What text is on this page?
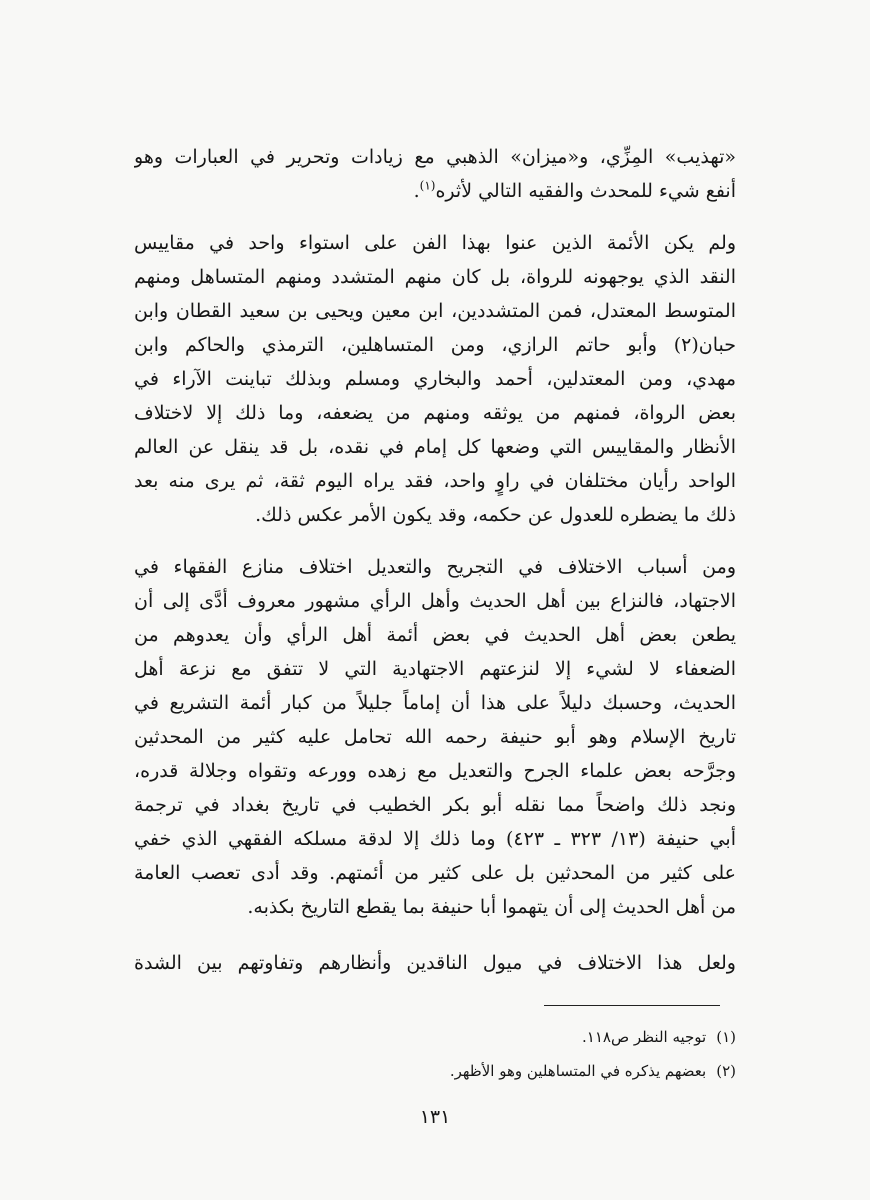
«تهذيب» المِزِّي، و«ميزان» الذهبي مع زيادات وتحرير في العبارات وهو
أنفع شيء للمحدث والفقيه التالي لأثره$^{(١)}$.
ولم يكن الأئمة الذين عنوا بهذا الفن على استواء واحد في مقاييس
النقد الذي يوجهونه للرواة، بل كان منهم المتشدد ومنهم المتساهل ومنهم
المتوسط المعتدل، فمن المتشددين، ابن معين ويحيى بن سعيد القطان وابن
حبان(٢) وأبو حاتم الرازي، ومن المتساهلين، الترمذي والحاكم وابن
مهدي، ومن المعتدلين، أحمد والبخاري ومسلم وبذلك تباينت الآراء في
بعض الرواة، فمنهم من يوثقه ومنهم من يضعفه، وما ذلك إلا لاختلاف
الأنظار والمقاييس التي وضعها كل إمام في نقده، بل قد ينقل عن العالم
الواحد رأيان مختلفان في راوٍ واحد، فقد يراه اليوم ثقة، ثم يرى منه بعد
ذلك ما يضطره للعدول عن حكمه، وقد يكون الأمر عكس ذلك.
ومن أسباب الاختلاف في التجريح والتعديل اختلاف منازع الفقهاء في
الاجتهاد، فالنزاع بين أهل الحديث وأهل الرأي مشهور معروف أدَّى إلى أن
يطعن بعض أهل الحديث في بعض أئمة أهل الرأي وأن يعدوهم من
الضعفاء لا لشيء إلا لنزعتهم الاجتهادية التي لا تتفق مع نزعة أهل
الحديث، وحسبك دليلاً على هذا أن إماماً جليلاً من كبار أئمة التشريع في
تاريخ الإسلام وهو أبو حنيفة رحمه الله تحامل عليه كثير من المحدثين
وجرَّحه بعض علماء الجرح والتعديل مع زهده وورعه وتقواه وجلالة قدره،
ونجد ذلك واضحاً مما نقله أبو بكر الخطيب في تاريخ بغداد في ترجمة
أبي حنيفة (١٣/ ٣٢٣ ـ ٤٢٣) وما ذلك إلا لدقة مسلكه الفقهي الذي خفي
على كثير من المحدثين بل على كثير من أئمتهم. وقد أدى تعصب العامة
من أهل الحديث إلى أن يتهموا أبا حنيفة بما يقطع التاريخ بكذبه.
ولعل هذا الاختلاف في ميول الناقدين وأنظارهم وتفاوتهم بين الشدة
(١)توجيه النظر ص١١٨.
(٢)بعضهم يذكره في المتساهلين وهو الأظهر.
١٣١
